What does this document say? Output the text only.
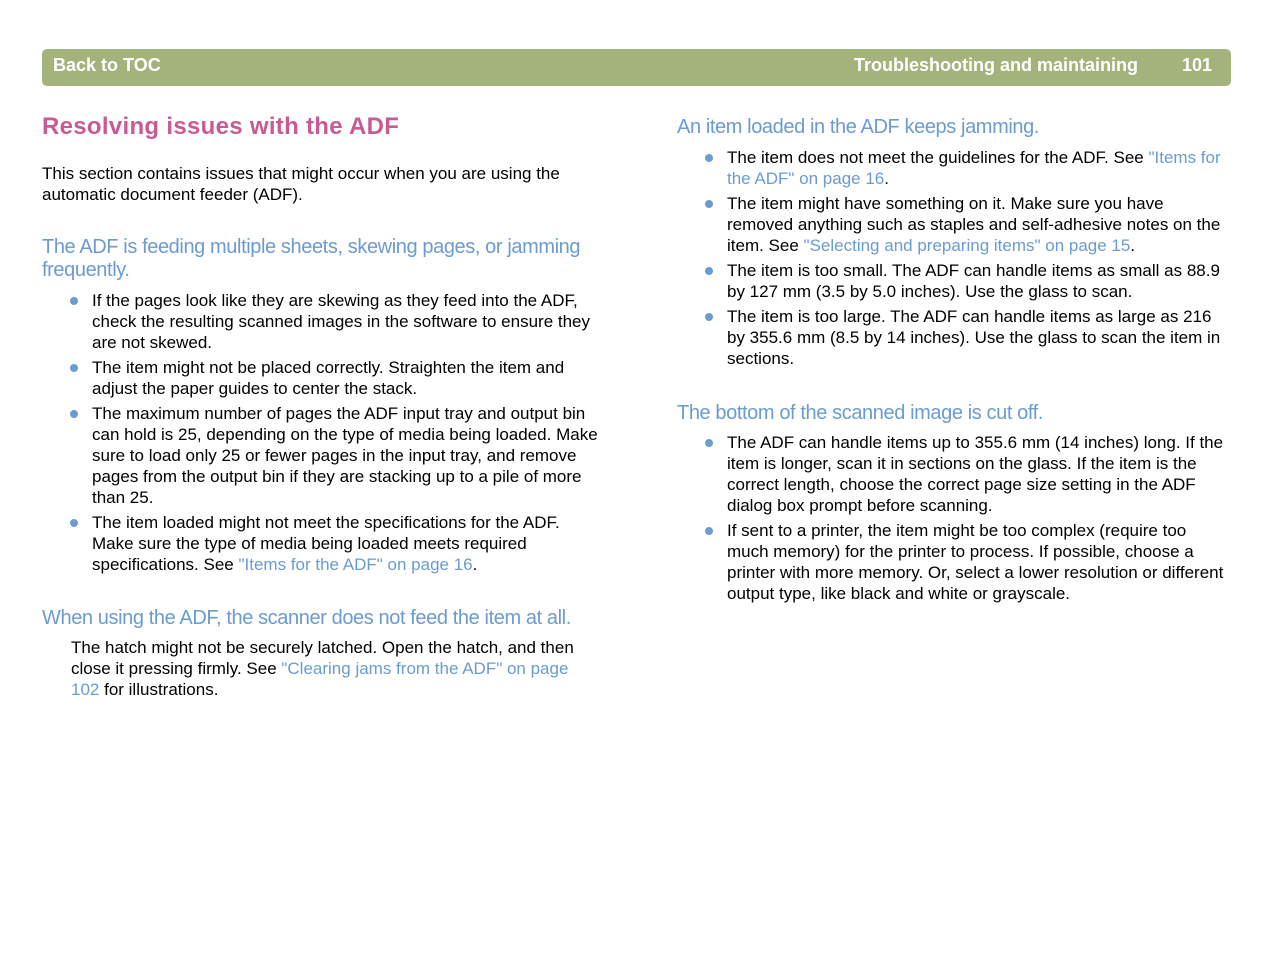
Back to TOC	Troubleshooting and maintaining 101
Resolving issues with the ADF

This section contains issues that might occur when you are using the automatic document feeder (ADF).

The ADF is feeding multiple sheets, skewing pages, or jamming frequently.
If the pages look like they are skewing as they feed into the ADF, check the resulting scanned images in the software to ensure they are not skewed.
The item might not be placed correctly. Straighten the item and adjust the paper guides to center the stack.
The maximum number of pages the ADF input tray and output bin can hold is 25, depending on the type of media being loaded. Make sure to load only 25 or fewer pages in the input tray, and remove pages from the output bin if they are stacking up to a pile of more than 25.
The item loaded might not meet the specifications for the ADF. Make sure the type of media being loaded meets required specifications. See "Items for the ADF" on page 16.
When using the ADF, the scanner does not feed the item at all.

The hatch might not be securely latched. Open the hatch, and then close it pressing firmly. See "Clearing jams from the ADF" on page 102 for illustrations.

An item loaded in the ADF keeps jamming.
The item does not meet the guidelines for the ADF. See "Items for the ADF" on page 16.
The item might have something on it. Make sure you have removed anything such as staples and self-adhesive notes on the item. See "Selecting and preparing items" on page 15.
The item is too small. The ADF can handle items as small as 88.9 by 127 mm (3.5 by 5.0 inches). Use the glass to scan.
The item is too large. The ADF can handle items as large as 216 by 355.6 mm (8.5 by 14 inches). Use the glass to scan the item in sections.
The bottom of the scanned image is cut off.
The ADF can handle items up to 355.6 mm (14 inches) long. If the item is longer, scan it in sections on the glass. If the item is the correct length, choose the correct page size setting in the ADF dialog box prompt before scanning.
If sent to a printer, the item might be too complex (require too much memory) for the printer to process. If possible, choose a printer with more memory. Or, select a lower resolution or different output type, like black and white or grayscale.
